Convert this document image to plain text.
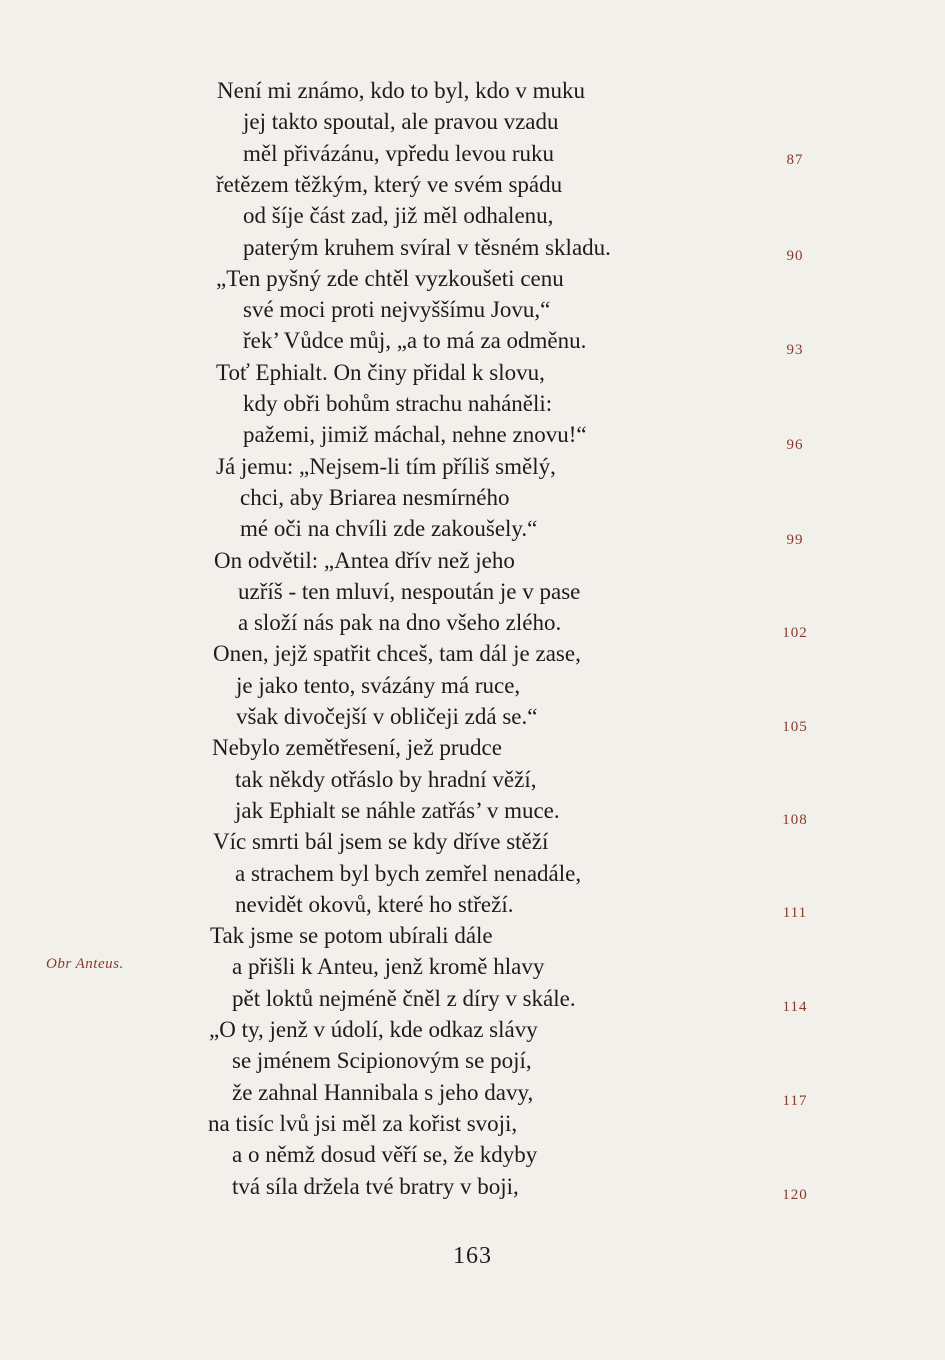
Není mi známo, kdo to byl, kdo v muku
jej takto spoutal, ale pravou vzadu
měl přivázánu, vpředu levou ruku
řetězem těžkým, který ve svém spádu
od šíje část zad, již měl odhalenu,
paterým kruhem svíral v těsném skladu.
„Ten pyšný zde chtěl vyzkoušeti cenu
své moci proti nejvyššímu Jovu,“
řek’ Vůdce můj, „a to má za odměnu.
Toť Ephialt. On činy přidal k slovu,
kdy obři bohům strachu naháněli:
pažemi, jimiž máchal, nehne znovu!“
Já jemu: „Nejsem-li tím příliš smělý,
chci, aby Briarea nesmírného
mé oči na chvíli zde zakoušely.“
On odvětil: „Antea dřív než jeho
uzříš - ten mluví, nespoután je v pase
a složí nás pak na dno všeho zlého.
Onen, jejž spatřit chceš, tam dál je zase,
je jako tento, svázány má ruce,
však divočejší v obličeji zdá se.“
Nebylo zemětřesení, jež prudce
tak někdy otřáslo by hradní věží,
jak Ephialt se náhle zatřás’ v muce.
Víc smrti bál jsem se kdy dříve stěží
a strachem byl bych zemřel nenadále,
nevidět okovů, které ho střeží.
Tak jsme se potom ubírali dále
a přišli k Anteu, jenž kromě hlavy
pět loktů nejméně čněl z díry v skále.
„O ty, jenž v údolí, kde odkaz slávy
se jménem Scipionovým se pojí,
že zahnal Hannibala s jeho davy,
na tisíc lvů jsi měl za kořist svoji,
a o němž dosud věří se, že kdyby
tvá síla držela tvé bratry v boji,
87
90
93
96
99
102
105
108
111
114
117
120
Obr Anteus.
163
